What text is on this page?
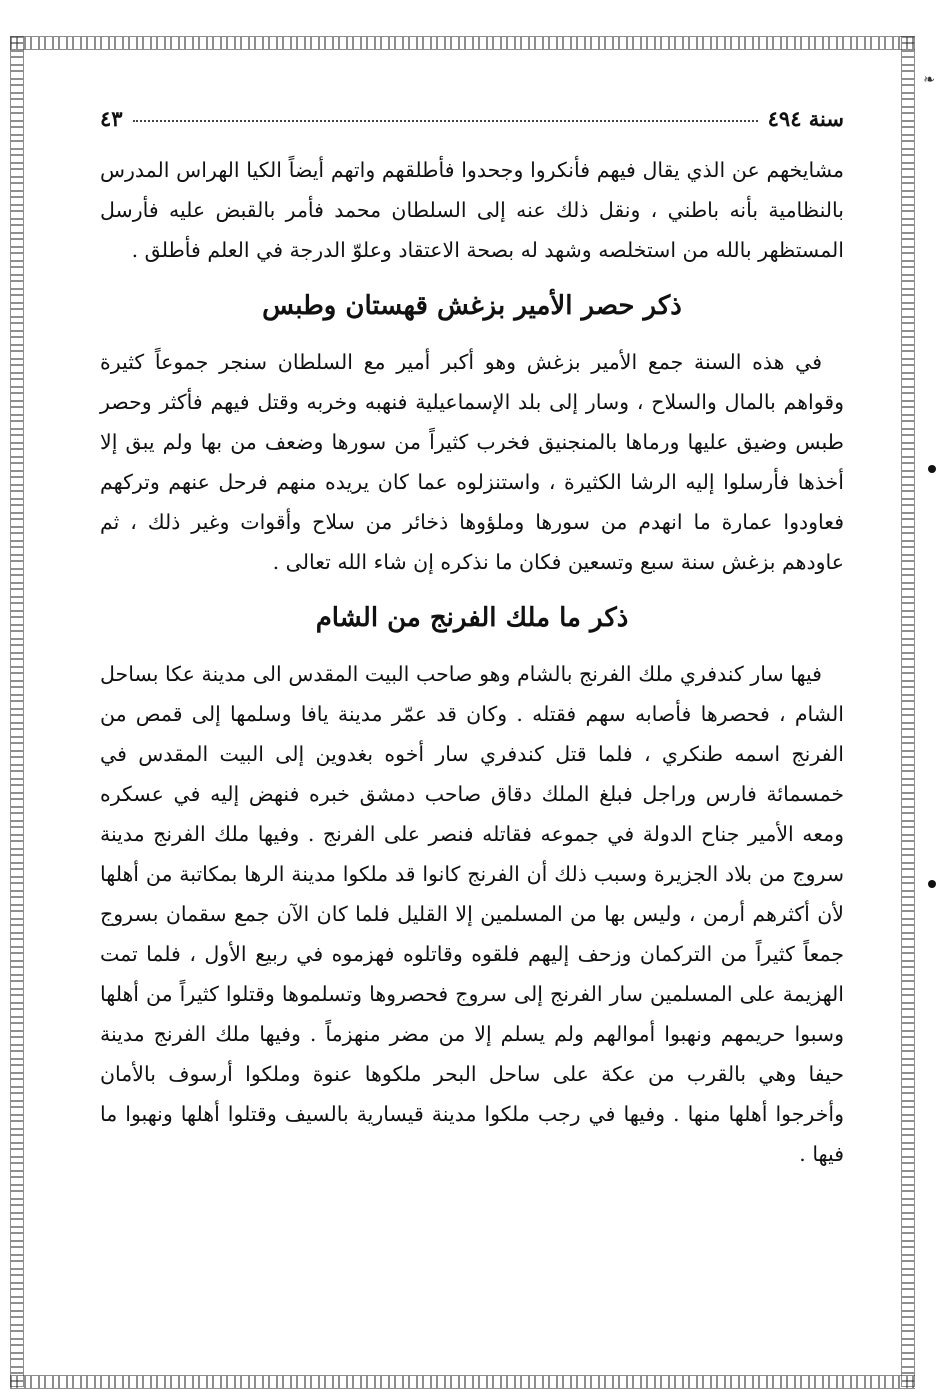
❧
سنة ٤٩٤
٤٣

مشايخهم عن الذي يقال فيهم فأنكروا وجحدوا فأطلقهم واتهم أيضاً الكيا الهراس المدرس بالنظامية بأنه باطني ، ونقل ذلك عنه إلى السلطان محمد فأمر بالقبض عليه فأرسل المستظهر بالله من استخلصه وشهد له بصحة الاعتقاد وعلوّ الدرجة في العلم فأطلق .

ذكر حصر الأمير بزغش قهستان وطبس

في هذه السنة جمع الأمير بزغش وهو أكبر أمير مع السلطان سنجر جموعاً كثيرة وقواهم بالمال والسلاح ، وسار إلى بلد الإسماعيلية فنهبه وخربه وقتل فيهم فأكثر وحصر طبس وضيق عليها ورماها بالمنجنيق فخرب كثيراً من سورها وضعف من بها ولم يبق إلا أخذها فأرسلوا إليه الرشا الكثيرة ، واستنزلوه عما كان يريده منهم فرحل عنهم وتركهم فعاودوا عمارة ما انهدم من سورها وملؤوها ذخائر من سلاح وأقوات وغير ذلك ، ثم عاودهم بزغش سنة سبع وتسعين فكان ما نذكره إن شاء الله تعالى .

ذكر ما ملك الفرنج من الشام

فيها سار كندفري ملك الفرنج بالشام وهو صاحب البيت المقدس الى مدينة عكا بساحل الشام ، فحصرها فأصابه سهم فقتله . وكان قد عمّر مدينة يافا وسلمها إلى قمص من الفرنج اسمه طنكري ، فلما قتل كندفري سار أخوه بغدوين إلى البيت المقدس في خمسمائة فارس وراجل فبلغ الملك دقاق صاحب دمشق خبره فنهض إليه في عسكره ومعه الأمير جناح الدولة في جموعه فقاتله فنصر على الفرنج . وفيها ملك الفرنج مدينة سروج من بلاد الجزيرة وسبب ذلك أن الفرنج كانوا قد ملكوا مدينة الرها بمكاتبة من أهلها لأن أكثرهم أرمن ، وليس بها من المسلمين إلا القليل فلما كان الآن جمع سقمان بسروج جمعاً كثيراً من التركمان وزحف إليهم فلقوه وقاتلوه فهزموه في ربيع الأول ، فلما تمت الهزيمة على المسلمين سار الفرنج إلى سروج فحصروها وتسلموها وقتلوا كثيراً من أهلها وسبوا حريمهم ونهبوا أموالهم ولم يسلم إلا من مضر منهزماً . وفيها ملك الفرنج مدينة حيفا وهي بالقرب من عكة على ساحل البحر ملكوها عنوة وملكوا أرسوف بالأمان وأخرجوا أهلها منها . وفيها في رجب ملكوا مدينة قيسارية بالسيف وقتلوا أهلها ونهبوا ما فيها .
